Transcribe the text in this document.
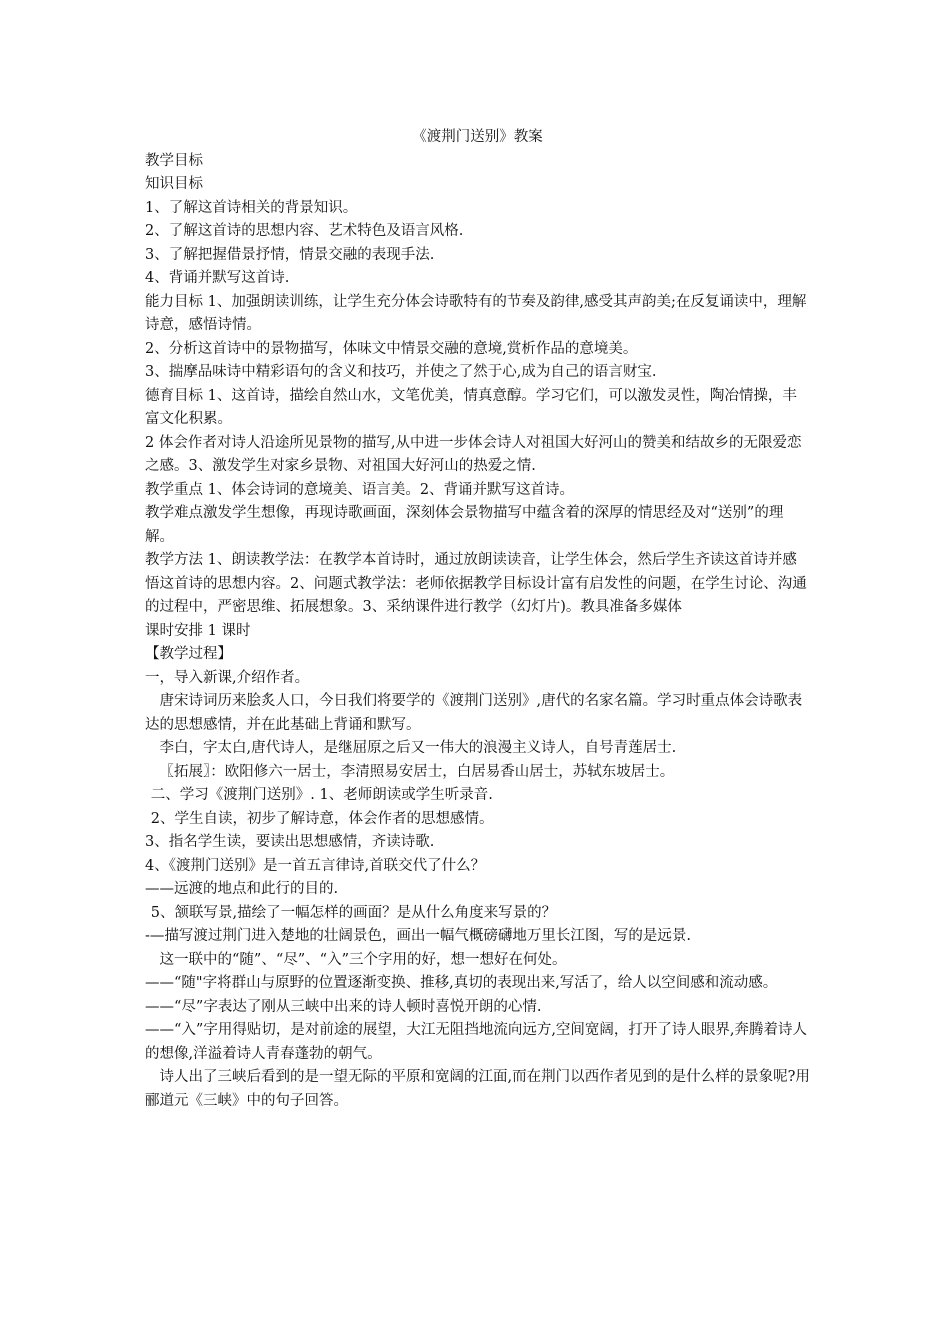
《渡荆门送别》教案

教学目标

知识目标

1、了解这首诗相关的背景知识。

2、了解这首诗的思想内容、艺术特色及语言风格.

3、了解把握借景抒情，情景交融的表现手法.

4、背诵并默写这首诗.

能力目标 1、加强朗读训练，让学生充分体会诗歌特有的节奏及韵律,感受其声韵美;在反复诵读中，理解诗意，感悟诗情。

2、分析这首诗中的景物描写，体味文中情景交融的意境,赏析作品的意境美。

3、揣摩品味诗中精彩语句的含义和技巧，并使之了然于心,成为自己的语言财宝.

德育目标 1、这首诗，描绘自然山水，文笔优美，情真意醇。学习它们，可以激发灵性，陶冶情操，丰富文化积累。

2 体会作者对诗人沿途所见景物的描写,从中进一步体会诗人对祖国大好河山的赞美和结故乡的无限爱恋之感。3、激发学生对家乡景物、对祖国大好河山的热爱之情.

教学重点 1、体会诗词的意境美、语言美。2、背诵并默写这首诗。

教学难点激发学生想像，再现诗歌画面，深刻体会景物描写中蕴含着的深厚的情思经及对“送别”的理解。

教学方法 1、朗读教学法：在教学本首诗时，通过放朗读读音，让学生体会，然后学生齐读这首诗并感悟这首诗的思想内容。2、问题式教学法：老师依据教学目标设计富有启发性的问题，在学生讨论、沟通的过程中，严密思维、拓展想象。3、采纳课件进行教学（幻灯片)。教具准备多媒体

课时安排 1 课时

【教学过程】

一，导入新课,介绍作者。

唐宋诗词历来脍炙人口，今日我们将要学的《渡荆门送别》,唐代的名家名篇。学习时重点体会诗歌表达的思想感情，并在此基础上背诵和默写。

李白，字太白,唐代诗人，是继屈原之后又一伟大的浪漫主义诗人，自号青莲居士.

〖拓展〗：欧阳修六一居士，李清照易安居士，白居易香山居士，苏轼东坡居士。

二、学习《渡荆门送别》. 1、老师朗读或学生听录音.

2、学生自读，初步了解诗意，体会作者的思想感情。

3、指名学生读，要读出思想感情，齐读诗歌.

4、《渡荆门送别》是一首五言律诗,首联交代了什么？

——远渡的地点和此行的目的.

5、颔联写景,描绘了一幅怎样的画面？是从什么角度来写景的？

-—描写渡过荆门进入楚地的壮阔景色，画出一幅气概磅礴地万里长江图，写的是远景.

这一联中的“随”、“尽”、“入”三个字用的好，想一想好在何处。

——“随"字将群山与原野的位置逐渐变换、推移,真切的表现出来,写活了，给人以空间感和流动感。

——“尽”字表达了刚从三峡中出来的诗人顿时喜悦开朗的心情.

——“入”字用得贴切，是对前途的展望，大江无阻挡地流向远方,空间宽阔，打开了诗人眼界,奔腾着诗人的想像,洋溢着诗人青春蓬勃的朝气。

诗人出了三峡后看到的是一望无际的平原和宽阔的江面,而在荆门以西作者见到的是什么样的景象呢?用郦道元《三峡》中的句子回答。
